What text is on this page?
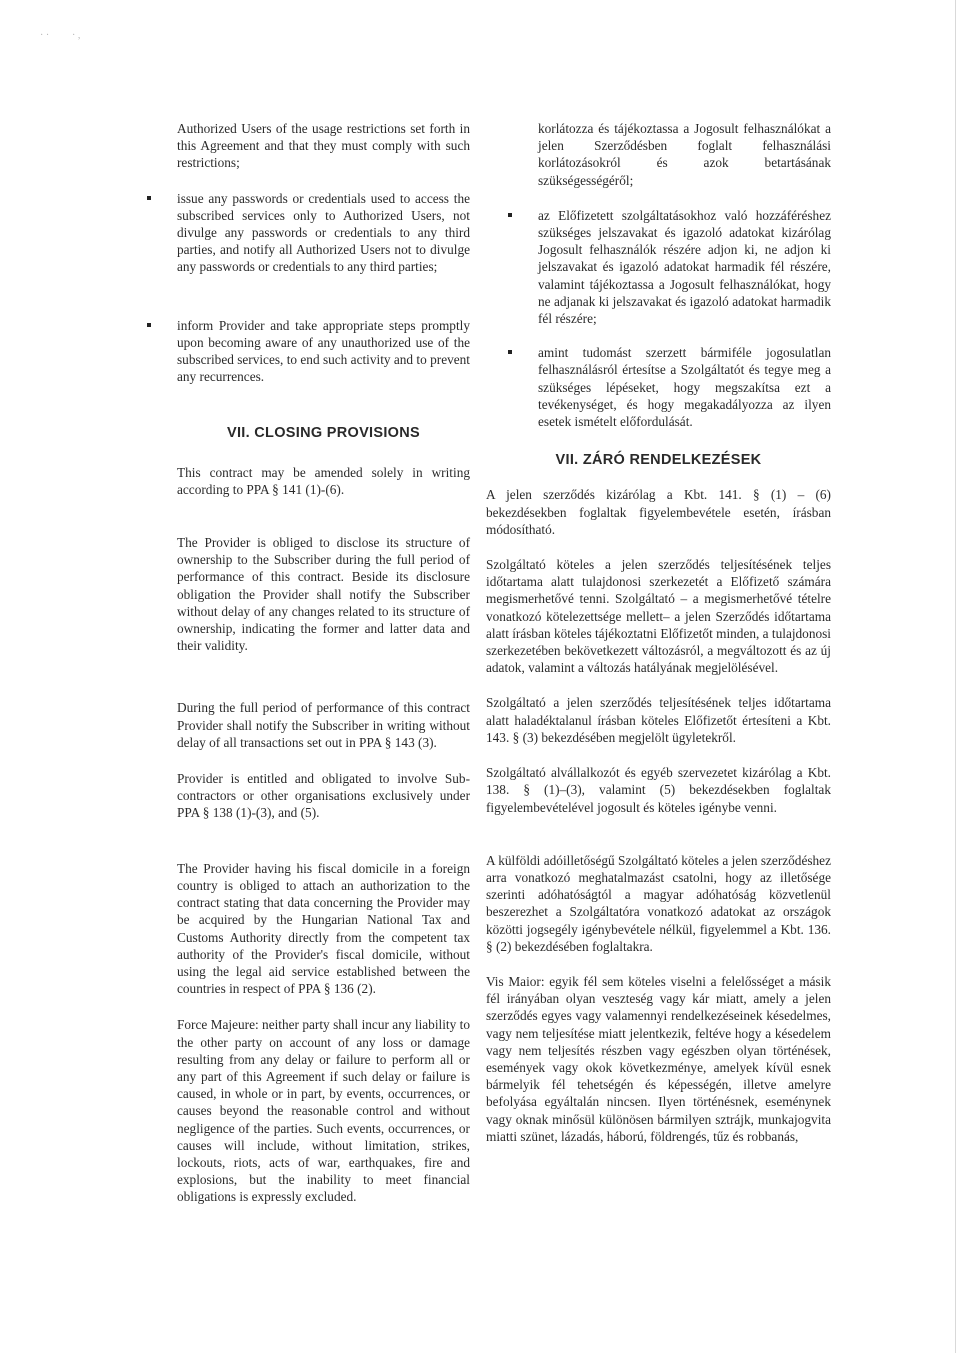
· · · ,

Authorized Users of the usage restrictions set forth in this Agreement and that they must comply with such restrictions;

issue any passwords or credentials used to access the subscribed services only to Authorized Users, not divulge any passwords or credentials to any third parties, and notify all Authorized Users not to divulge any passwords or credentials to any third parties;
inform Provider and take appropriate steps promptly upon becoming aware of any unauthorized use of the subscribed services, to end such activity and to prevent any recurrences.
VII. CLOSING PROVISIONS

This contract may be amended solely in writing according to PPA § 141 (1)-(6).

The Provider is obliged to disclose its structure of ownership to the Subscriber during the full period of performance of this contract. Beside its disclosure obligation the Provider shall notify the Subscriber without delay of any changes related to its structure of ownership, indicating the former and latter data and their validity.

During the full period of performance of this contract Provider shall notify the Subscriber in writing without delay of all transactions set out in PPA § 143 (3).

Provider is entitled and obligated to involve Sub-contractors or other organisations exclusively under PPA § 138 (1)-(3), and (5).

The Provider having his fiscal domicile in a foreign country is obliged to attach an authorization to the contract stating that data concerning the Provider may be acquired by the Hungarian National Tax and Customs Authority directly from the competent tax authority of the Provider's fiscal domicile, without using the legal aid service established between the countries in respect of PPA § 136 (2).

Force Majeure: neither party shall incur any liability to the other party on account of any loss or damage resulting from any delay or failure to perform all or any part of this Agreement if such delay or failure is caused, in whole or in part, by events, occurrences, or causes beyond the reasonable control and without negligence of the parties. Such events, occurrences, or causes will include, without limitation, strikes, lockouts, riots, acts of war, earthquakes, fire and explosions, but the inability to meet financial obligations is expressly excluded.

korlátozza és tájékoztassa a Jogosult felhasználókat a jelen Szerződésben foglalt felhasználási korlátozásokról és azok betartásának szükségességéről;

az Előfizetett szolgáltatásokhoz való hozzáféréshez szükséges jelszavakat és igazoló adatokat kizárólag Jogosult felhasználók részére adjon ki, ne adjon ki jelszavakat és igazoló adatokat harmadik fél részére, valamint tájékoztassa a Jogosult felhasználókat, hogy ne adjanak ki jelszavakat és igazoló adatokat harmadik fél részére;
amint tudomást szerzett bármiféle jogosulatlan felhasználásról értesítse a Szolgáltatót és tegye meg a szükséges lépéseket, hogy megszakítsa ezt a tevékenységet, és hogy megakadályozza az ilyen esetek ismételt előfordulását.
VII. ZÁRÓ RENDELKEZÉSEK

A jelen szerződés kizárólag a Kbt. 141. § (1) – (6) bekezdésekben foglaltak figyelembevétele esetén, írásban módosítható.

Szolgáltató köteles a jelen szerződés teljesítésének teljes időtartama alatt tulajdonosi szerkezetét a Előfizető számára megismerhetővé tenni. Szolgáltató – a megismerhetővé tételre vonatkozó kötelezettsége mellett– a jelen Szerződés időtartama alatt írásban köteles tájékoztatni Előfizetőt minden, a tulajdonosi szerkezetében bekövetkezett változásról, a megváltozott és az új adatok, valamint a változás hatályának megjelölésével.

Szolgáltató a jelen szerződés teljesítésének teljes időtartama alatt haladéktalanul írásban köteles Előfizetőt értesíteni a Kbt. 143. § (3) bekezdésében megjelölt ügyletekről.

Szolgáltató alvállalkozót és egyéb szervezetet kizárólag a Kbt. 138. § (1)–(3), valamint (5) bekezdésekben foglaltak figyelembevételével jogosult és köteles igénybe venni.

A külföldi adóilletőségű Szolgáltató köteles a jelen szerződéshez arra vonatkozó meghatalmazást csatolni, hogy az illetősége szerinti adóhatóságtól a magyar adóhatóság közvetlenül beszerezhet a Szolgáltatóra vonatkozó adatokat az országok közötti jogsegély igénybevétele nélkül, figyelemmel a Kbt. 136. § (2) bekezdésében foglaltakra.

Vis Maior: egyik fél sem köteles viselni a felelősséget a másik fél irányában olyan veszteség vagy kár miatt, amely a jelen szerződés egyes vagy valamennyi rendelkezéseinek késedelmes, vagy nem teljesítése miatt jelentkezik, feltéve hogy a késedelem vagy nem teljesítés részben vagy egészben olyan történések, események vagy okok következménye, amelyek kívül esnek bármelyik fél tehetségén és képességén, illetve amelyre befolyása egyáltalán nincsen. Ilyen történésnek, eseménynek vagy oknak minősül különösen bármilyen sztrájk, munkajogvita miatti szünet, lázadás, háború, földrengés, tűz és robbanás,
